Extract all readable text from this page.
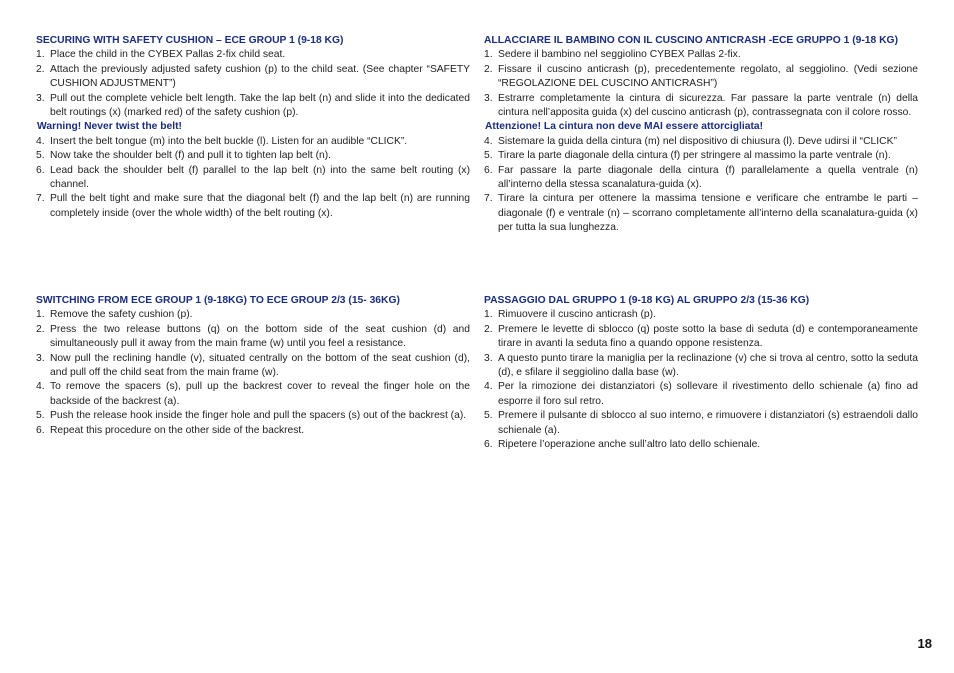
SECURING WITH SAFETY CUSHION – ECE GROUP 1 (9-18 KG)
1. Place the child in the CYBEX Pallas 2-fix child seat.
2. Attach the previously adjusted safety cushion (p) to the child seat. (See chapter “SAFETY CUSHION ADJUSTMENT”)
3. Pull out the complete vehicle belt length. Take the lap belt (n) and slide it into the dedicated belt routings (x) (marked red) of the safety cushion (p).
Warning! Never twist the belt!
4. Insert the belt tongue (m) into the belt buckle (l). Listen for an audible “CLICK”.
5. Now take the shoulder belt (f) and pull it to tighten lap belt (n).
6. Lead back the shoulder belt (f) parallel to the lap belt (n) into the same belt routing (x) channel.
7. Pull the belt tight and make sure that the diagonal belt (f) and the lap belt (n) are running completely inside (over the whole width) of the belt routing (x).
SWITCHING FROM ECE GROUP 1 (9-18KG) TO ECE GROUP 2/3 (15- 36KG)
1. Remove the safety cushion (p).
2. Press the two release buttons (q) on the bottom side of the seat cushion (d) and simultaneously pull it away from the main frame (w) until you feel a resistance.
3. Now pull the reclining handle (v), situated centrally on the bottom of the seat cushion (d), and pull off the child seat from the main frame (w).
4. To remove the spacers (s), pull up the backrest cover to reveal the finger hole on the backside of the backrest (a).
5. Push the release hook inside the finger hole and pull the spacers (s) out of the backrest (a).
6. Repeat this procedure on the other side of the backrest.
ALLACCIARE IL BAMBINO CON IL CUSCINO ANTICRASH -ECE GRUPPO 1 (9-18 KG)
1. Sedere il bambino nel seggiolino CYBEX Pallas 2-fix.
2. Fissare il cuscino anticrash (p), precedentemente regolato, al seggiolino. (Vedi sezione “REGOLAZIONE DEL CUSCINO ANTICRASH”)
3. Estrarre completamente la cintura di sicurezza. Far passare la parte ventrale (n) della cintura nell’apposita guida (x) del cuscino anticrash (p), contrassegnata con il colore rosso.
Attenzione! La cintura non deve MAI essere attorcigliata!
4. Sistemare la guida della cintura (m) nel dispositivo di chiusura (l). Deve udirsi il “CLICK”
5. Tirare la parte diagonale della cintura (f) per stringere al massimo la parte ventrale (n).
6. Far passare la parte diagonale della cintura (f) parallelamente a quella ventrale (n) all’interno della stessa scanalatura-guida (x).
7. Tirare la cintura per ottenere la massima tensione e verificare che entrambe le parti – diagonale (f) e ventrale (n) – scorrano completamente all’interno della scanalatura-guida (x) per tutta la sua lunghezza.
PASSAGGIO DAL GRUPPO 1 (9-18 KG) AL GRUPPO 2/3 (15-36 KG)
1. Rimuovere il cuscino anticrash (p).
2. Premere le levette di sblocco (q) poste sotto la base di seduta (d) e contemporaneamente tirare in avanti la seduta fino a quando oppone resistenza.
3. A questo punto tirare la maniglia per la reclinazione (v) che si trova al centro, sotto la seduta (d), e sfilare il seggiolino dalla base (w).
4. Per la rimozione dei distanziatori (s) sollevare il rivestimento dello schienale (a) fino ad esporre il foro sul retro.
5. Premere il pulsante di sblocco al suo interno, e rimuovere i distanziatori (s) estraendoli dallo schienale (a).
6. Ripetere l’operazione anche sull’altro lato dello schienale.
18
